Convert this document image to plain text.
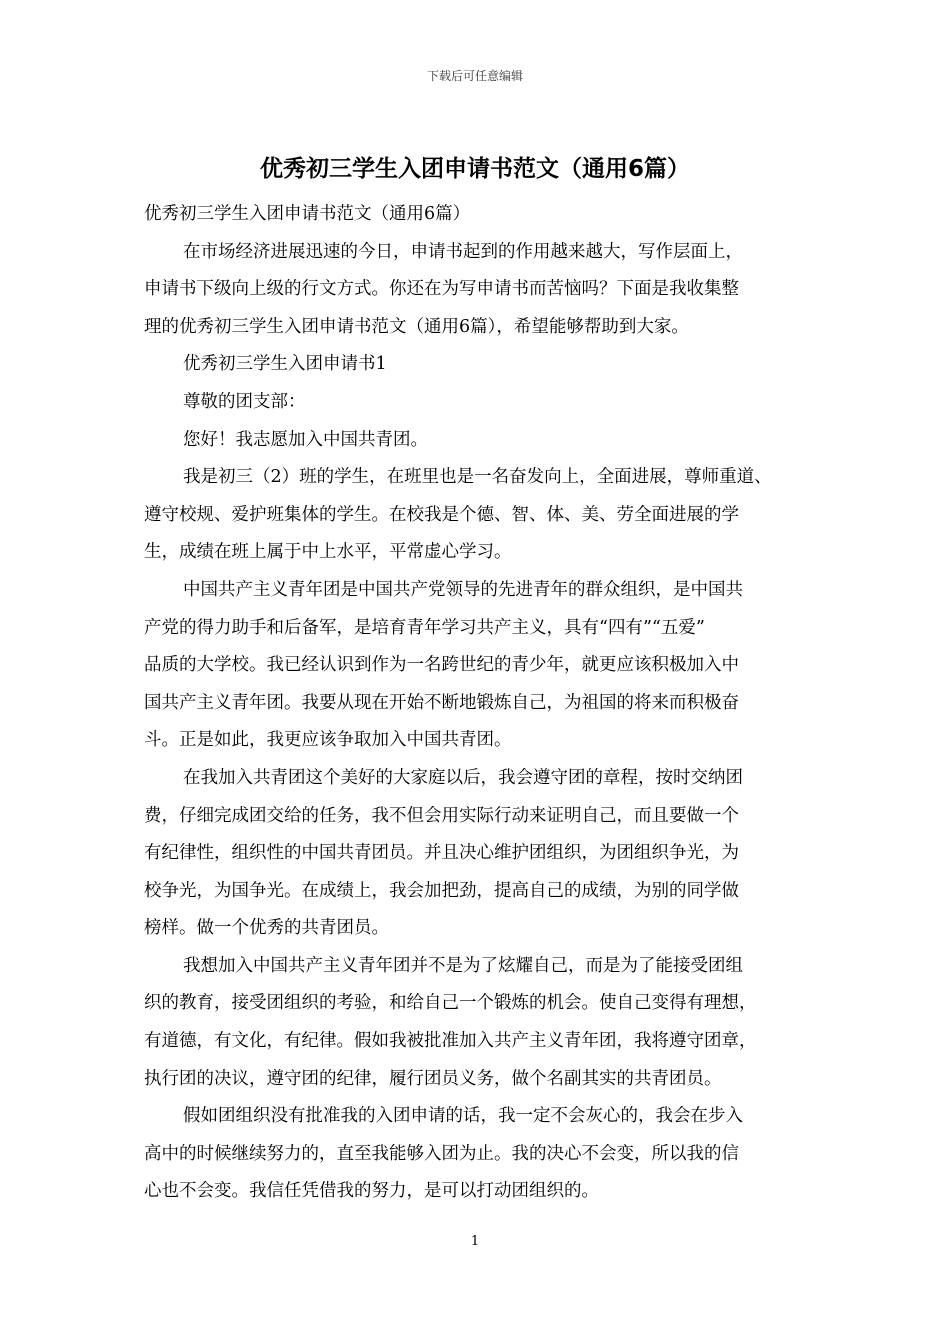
下载后可任意编辑
优秀初三学生入团申请书范文（通用6篇）
优秀初三学生入团申请书范文（通用6篇）
在市场经济进展迅速的今日，申请书起到的作用越来越大，写作层面上，
申请书下级向上级的行文方式。你还在为写申请书而苦恼吗？下面是我收集整
理的优秀初三学生入团申请书范文（通用6篇），希望能够帮助到大家。
优秀初三学生入团申请书1
尊敬的团支部：
您好！我志愿加入中国共青团。
我是初三（2）班的学生，在班里也是一名奋发向上，全面进展，尊师重道、
遵守校规、爱护班集体的学生。在校我是个德、智、体、美、劳全面进展的学
生，成绩在班上属于中上水平，平常虚心学习。
中国共产主义青年团是中国共产党领导的先进青年的群众组织，是中国共
产党的得力助手和后备军，是培育青年学习共产主义，具有“四有”“五爱”
品质的大学校。我已经认识到作为一名跨世纪的青少年，就更应该积极加入中
国共产主义青年团。我要从现在开始不断地锻炼自己，为祖国的将来而积极奋
斗。正是如此，我更应该争取加入中国共青团。
在我加入共青团这个美好的大家庭以后，我会遵守团的章程，按时交纳团
费，仔细完成团交给的任务，我不但会用实际行动来证明自己，而且要做一个
有纪律性，组织性的中国共青团员。并且决心维护团组织，为团组织争光，为
校争光，为国争光。在成绩上，我会加把劲，提高自己的成绩，为别的同学做
榜样。做一个优秀的共青团员。
我想加入中国共产主义青年团并不是为了炫耀自己，而是为了能接受团组
织的教育，接受团组织的考验，和给自己一个锻炼的机会。使自己变得有理想，
有道德，有文化，有纪律。假如我被批准加入共产主义青年团，我将遵守团章，
执行团的决议，遵守团的纪律，履行团员义务，做个名副其实的共青团员。
假如团组织没有批准我的入团申请的话，我一定不会灰心的，我会在步入
高中的时候继续努力的，直至我能够入团为止。我的决心不会变，所以我的信
心也不会变。我信任凭借我的努力，是可以打动团组织的。
1
